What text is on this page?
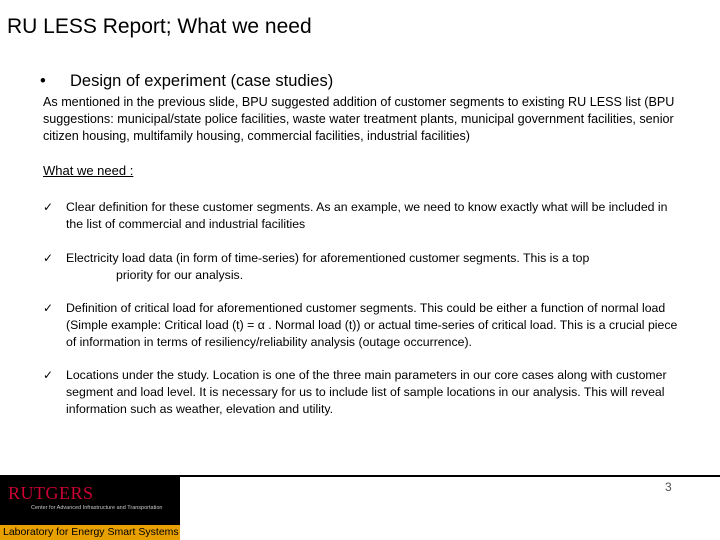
RU LESS Report; What we need
• Design of experiment (case studies)
As mentioned in the previous slide, BPU suggested addition of customer segments to existing RU LESS list (BPU suggestions: municipal/state police facilities, waste water treatment plants, municipal government facilities, senior citizen housing, multifamily housing, commercial facilities, industrial facilities)
What we need :
✓	Clear definition for these customer segments. As an example, we need to know exactly what will be included in the list of commercial and industrial facilities
✓	Electricity load data (in form of time-series) for aforementioned customer segments. This is a top
priority for our analysis.
✓	Definition of critical load for aforementioned customer segments. This could be either a function of normal load (Simple example: Critical load (t) = α . Normal load (t)) or actual time-series of critical load. This is a crucial piece of information in terms of resiliency/reliability analysis (outage occurrence).
✓	Locations under the study. Location is one of the three main parameters in our core cases along with customer segment and load level. It is necessary for us to include list of sample locations in our analysis. This will reveal information such as weather, elevation and utility.
RUTGERS
Center for Advanced Infrastructure and Transportation
Laboratory for Energy Smart Systems
3
